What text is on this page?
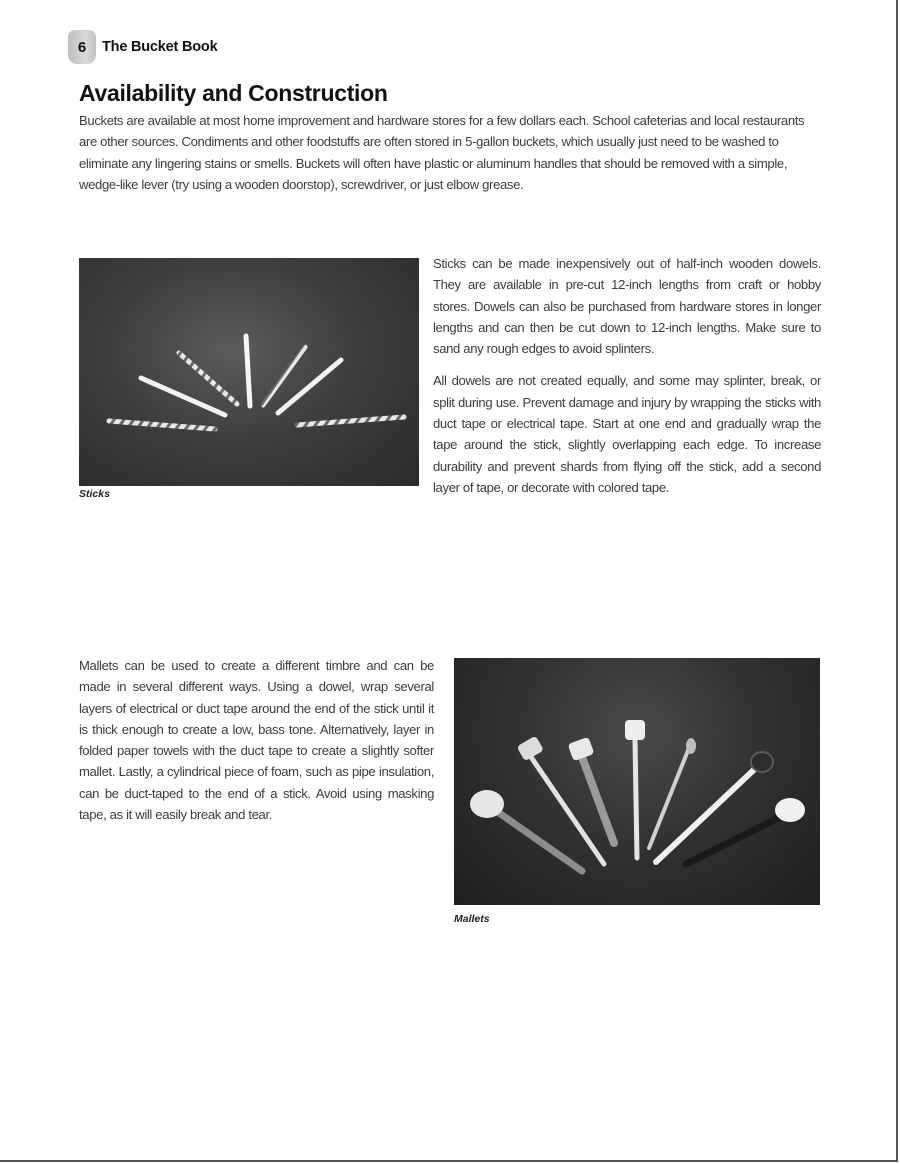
6 The Bucket Book
Availability and Construction

Buckets are available at most home improvement and hardware stores for a few dollars each. School cafeterias and local restaurants are other sources. Condiments and other foodstuffs are often stored in 5-gallon buckets, which usually just need to be washed to eliminate any lingering stains or smells. Buckets will often have plastic or aluminum handles that should be removed with a simple, wedge-like lever (try using a wooden doorstop), screwdriver, or just elbow grease.

Sticks

Sticks can be made inexpensively out of half-inch wooden dowels. They are available in pre-cut 12-inch lengths from craft or hobby stores. Dowels can also be purchased from hardware stores in longer lengths and can then be cut down to 12-inch lengths. Make sure to sand any rough edges to avoid splinters.

All dowels are not created equally, and some may splinter, break, or split during use. Prevent damage and injury by wrapping the sticks with duct tape or electrical tape. Start at one end and gradually wrap the tape around the stick, slightly overlapping each edge. To increase durability and prevent shards from flying off the stick, add a second layer of tape, or decorate with colored tape.

Mallets can be used to create a different timbre and can be made in several different ways. Using a dowel, wrap several layers of electrical or duct tape around the end of the stick until it is thick enough to create a low, bass tone. Alternatively, layer in folded paper towels with the duct tape to create a slightly softer mallet. Lastly, a cylindrical piece of foam, such as pipe insulation, can be duct-taped to the end of a stick. Avoid using masking tape, as it will easily break and tear.

Mallets
